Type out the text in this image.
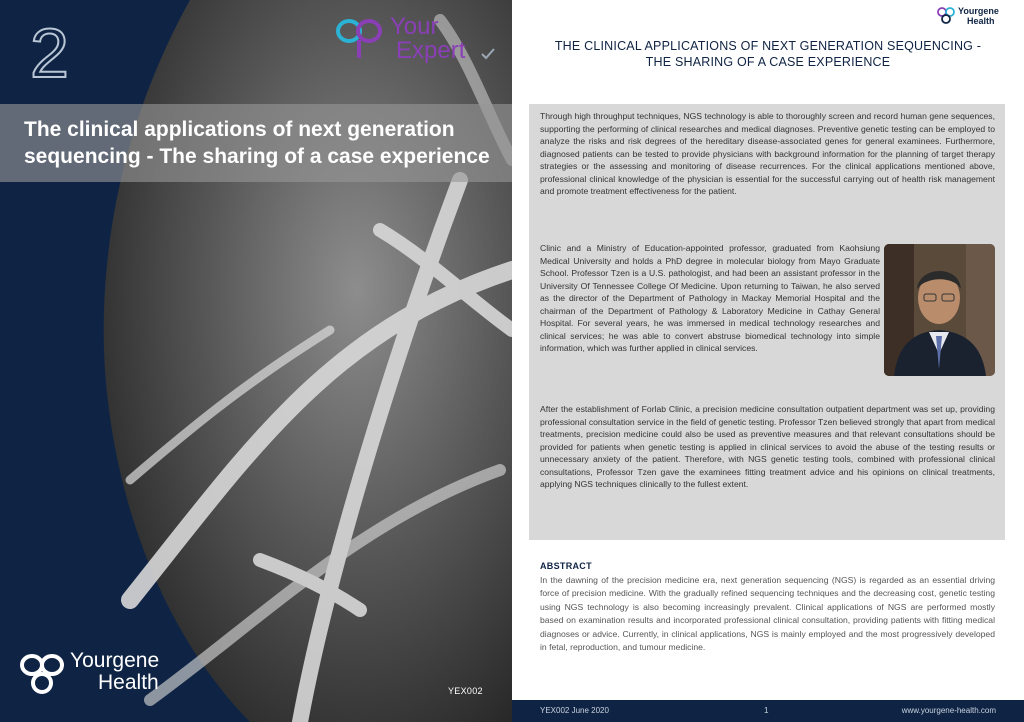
2	Your
Expert
The clinical applications of next generation sequencing - The sharing of a case experience
Yourgene
Health	YEX002
Yourgene
Health
THE CLINICAL APPLICATIONS OF NEXT GENERATION SEQUENCING -
THE SHARING OF A CASE EXPERIENCE
Through high throughput techniques, NGS technology is able to thoroughly screen and record human gene sequences, supporting the performing of clinical researches and medical diagnoses. Preventive genetic testing can be employed to analyze the risks and risk degrees of the hereditary disease-associated genes for general examinees. Furthermore, diagnosed patients can be tested to provide physicians with background information for the planning of target therapy strategies or the assessing and monitoring of disease recurrences. For the clinical applications mentioned above, professional clinical knowledge of the physician is essential for the successful carrying out of health risk management and promote treatment effectiveness for the patient.
Clinic and a Ministry of Education-appointed professor, graduated from Kaohsiung Medical University and holds a PhD degree in molecular biology from Mayo Graduate School. Professor Tzen is a U.S. pathologist, and had been an assistant professor in the University Of Tennessee College Of Medicine. Upon returning to Taiwan, he also served as the director of the Department of Pathology in Mackay Memorial Hospital and the chairman of the Department of Pathology & Laboratory Medicine in Cathay General Hospital. For several years, he was immersed in medical technology researches and clinical services; he was able to convert abstruse biomedical technology into simple information, which was further applied in clinical services.
After the establishment of Forlab Clinic, a precision medicine consultation outpatient department was set up, providing professional consultation service in the field of genetic testing. Professor Tzen believed strongly that apart from medical treatments, precision medicine could also be used as preventive measures and that relevant consultations should be provided for patients when genetic testing is applied in clinical services to avoid the abuse of the testing results or unnecessary anxiety of the patient. Therefore, with NGS genetic testing tools, combined with professional clinical consultations, Professor Tzen gave the examinees fitting treatment advice and his opinions on clinical treatments, applying NGS techniques clinically to the fullest extent.
ABSTRACT
In the dawning of the precision medicine era, next generation sequencing (NGS) is regarded as an essential driving force of precision medicine. With the gradually refined sequencing techniques and the decreasing cost, genetic testing using NGS technology is also becoming increasingly prevalent. Clinical applications of NGS are performed mostly based on examination results and incorporated professional clinical consultation, providing patients with fitting medical diagnoses or advice. Currently, in clinical applications, NGS is mainly employed and the most progressively developed in fetal, reproduction, and tumour medicine.
YEX002 June 2020	1	www.yourgene-health.com
